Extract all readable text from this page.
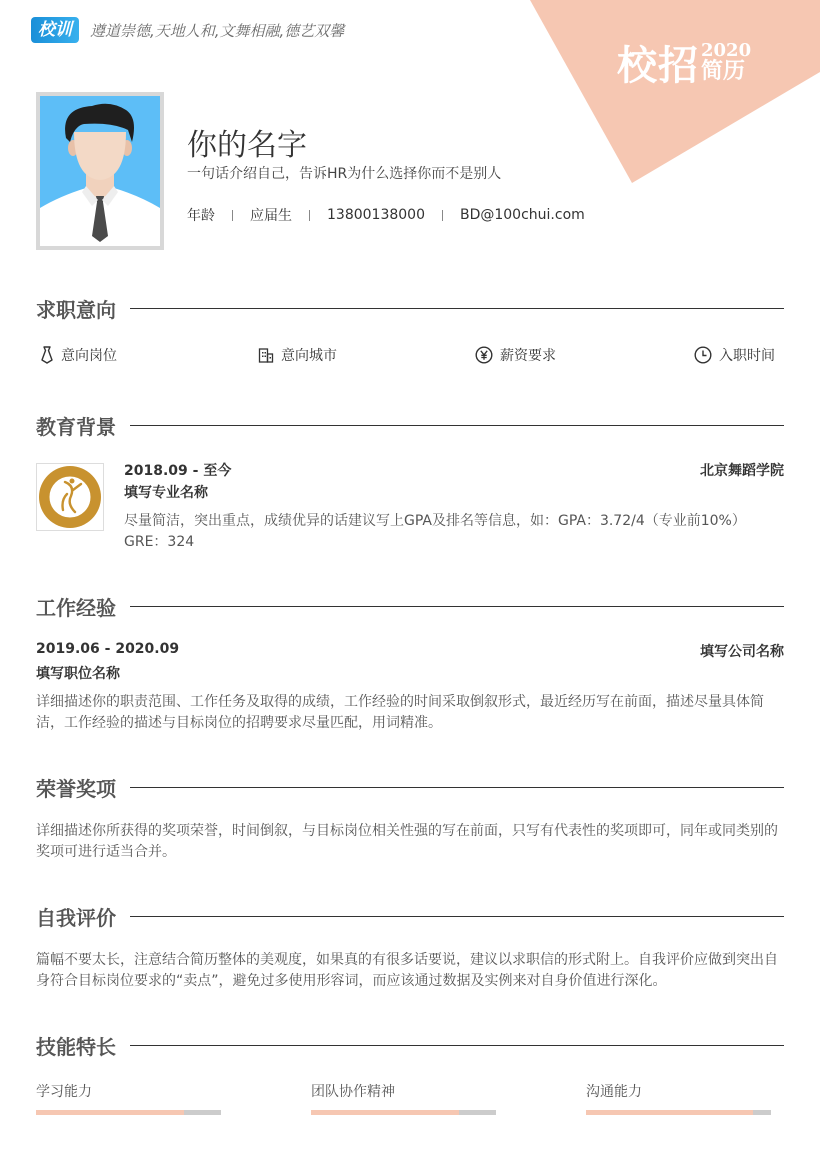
校训	遵道崇德,天地人和,文舞相融,德艺双馨
校招 2020
简历
你的名字
一句话介绍自己，告诉HR为什么选择你而不是别人
年龄	应届生	13800138000	BD@100chui.com
求职意向
意向岗位	意向城市	薪资要求	入职时间
教育背景
2018.09 - 至今	北京舞蹈学院
填写专业名称
尽量简洁，突出重点，成绩优异的话建议写上GPA及排名等信息，如：GPA：3.72/4（专业前10%） GRE：324
工作经验
2019.06 - 2020.09	填写公司名称
填写职位名称
详细描述你的职责范围、工作任务及取得的成绩，工作经验的时间采取倒叙形式，最近经历写在前面，描述尽量具体简洁，工作经验的描述与目标岗位的招聘要求尽量匹配，用词精准。
荣誉奖项
详细描述你所获得的奖项荣誉，时间倒叙，与目标岗位相关性强的写在前面，只写有代表性的奖项即可，同年或同类别的奖项可进行适当合并。
自我评价
篇幅不要太长，注意结合简历整体的美观度，如果真的有很多话要说，建议以求职信的形式附上。自我评价应做到突出自身符合目标岗位要求的“卖点”，避免过多使用形容词，而应该通过数据及实例来对自身价值进行深化。
技能特长
学习能力	团队协作精神	沟通能力
